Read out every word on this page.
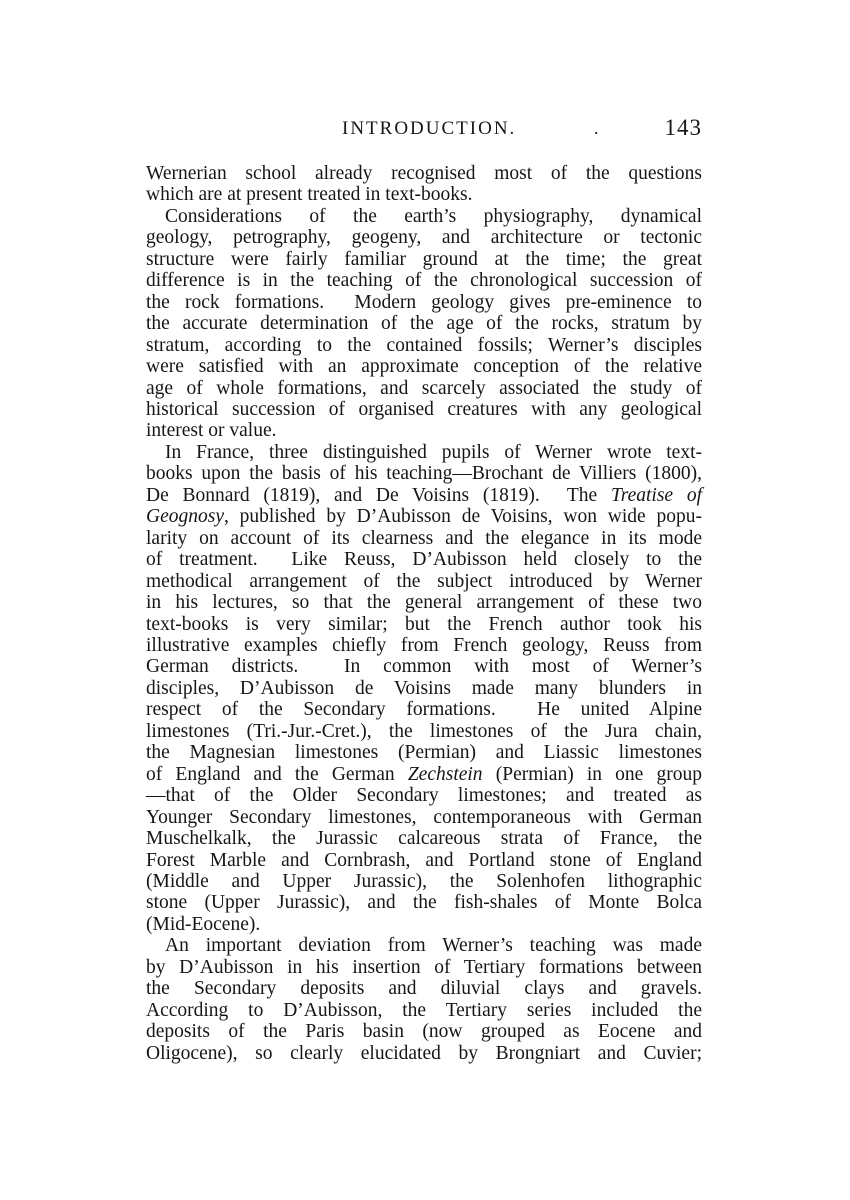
INTRODUCTION.	.	143
Wernerian school already recognised most of the questions
which are at present treated in text-books.
Considerations of the earth’s physiography, dynamical
geology, petrography, geogeny, and architecture or tectonic
structure were fairly familiar ground at the time; the great
difference is in the teaching of the chronological succession of
the rock formations.  Modern geology gives pre-eminence to
the accurate determination of the age of the rocks, stratum by
stratum, according to the contained fossils; Werner’s disciples
were satisfied with an approximate conception of the relative
age of whole formations, and scarcely associated the study of
historical succession of organised creatures with any geological
interest or value.
In France, three distinguished pupils of Werner wrote text-
books upon the basis of his teaching—Brochant de Villiers (1800),
De Bonnard (1819), and De Voisins (1819).  The Treatise of
Geognosy, published by D’Aubisson de Voisins, won wide popu-
larity on account of its clearness and the elegance in its mode
of treatment.  Like Reuss, D’Aubisson held closely to the
methodical arrangement of the subject introduced by Werner
in his lectures, so that the general arrangement of these two
text-books is very similar; but the French author took his
illustrative examples chiefly from French geology, Reuss from
German districts.  In common with most of Werner’s
disciples, D’Aubisson de Voisins made many blunders in
respect of the Secondary formations.  He united Alpine
limestones (Tri.-Jur.-Cret.), the limestones of the Jura chain,
the Magnesian limestones (Permian) and Liassic limestones
of England and the German Zechstein (Permian) in one group
—that of the Older Secondary limestones; and treated as
Younger Secondary limestones, contemporaneous with German
Muschelkalk, the Jurassic calcareous strata of France, the
Forest Marble and Cornbrash, and Portland stone of England
(Middle and Upper Jurassic), the Solenhofen lithographic
stone (Upper Jurassic), and the fish-shales of Monte Bolca
(Mid-Eocene).
An important deviation from Werner’s teaching was made
by D’Aubisson in his insertion of Tertiary formations between
the Secondary deposits and diluvial clays and gravels.
According to D’Aubisson, the Tertiary series included the
deposits of the Paris basin (now grouped as Eocene and
Oligocene), so clearly elucidated by Brongniart and Cuvier;
